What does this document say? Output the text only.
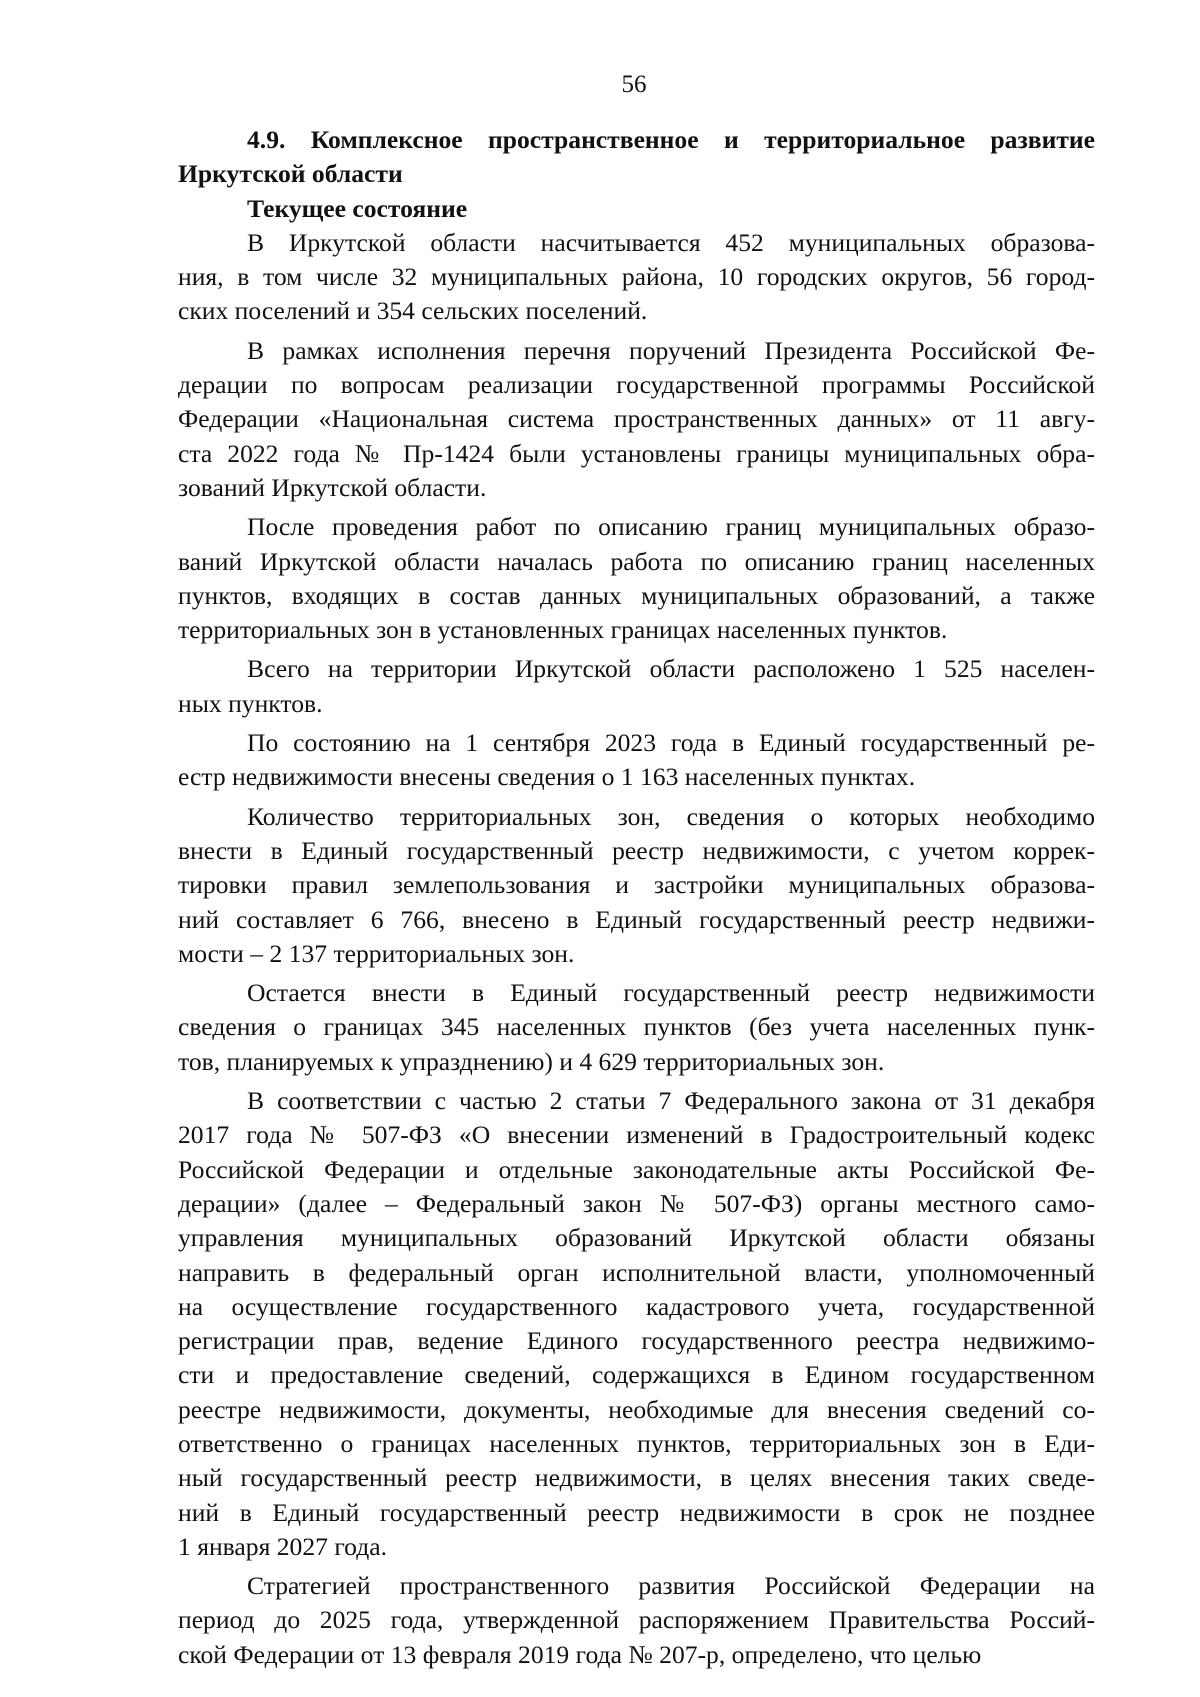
56

4.9. Комплексное пространственное и территориальное развитие
Иркутской области
Текущее состояние
В Иркутской области насчитывается 452 муниципальных образова-
ния, в том числе 32 муниципальных района, 10 городских округов, 56 город-
ских поселений и 354 сельских поселений.
В рамках исполнения перечня поручений Президента Российской Фе-
дерации по вопросам реализации государственной программы Российской
Федерации «Национальная система пространственных данных» от 11 авгу-
ста 2022 года № Пр-1424 были установлены границы муниципальных обра-
зований Иркутской области.
После проведения работ по описанию границ муниципальных образо-
ваний Иркутской области началась работа по описанию границ населенных
пунктов, входящих в состав данных муниципальных образований, а также
территориальных зон в установленных границах населенных пунктов.
Всего на территории Иркутской области расположено 1 525 населен-
ных пунктов.
По состоянию на 1 сентября 2023 года в Единый государственный ре-
естр недвижимости внесены сведения о 1 163 населенных пунктах.
Количество территориальных зон, сведения о которых необходимо
внести в Единый государственный реестр недвижимости, с учетом коррек-
тировки правил землепользования и застройки муниципальных образова-
ний составляет 6 766, внесено в Единый государственный реестр недвижи-
мости – 2 137 территориальных зон.
Остается внести в Единый государственный реестр недвижимости
сведения о границах 345 населенных пунктов (без учета населенных пунк-
тов, планируемых к упразднению) и 4 629 территориальных зон.
В соответствии с частью 2 статьи 7 Федерального закона от 31 декабря
2017 года № 507-ФЗ «О внесении изменений в Градостроительный кодекс
Российской Федерации и отдельные законодательные акты Российской Фе-
дерации» (далее – Федеральный закон № 507-ФЗ) органы местного само-
управления муниципальных образований Иркутской области обязаны
направить в федеральный орган исполнительной власти, уполномоченный
на осуществление государственного кадастрового учета, государственной
регистрации прав, ведение Единого государственного реестра недвижимо-
сти и предоставление сведений, содержащихся в Едином государственном
реестре недвижимости, документы, необходимые для внесения сведений со-
ответственно о границах населенных пунктов, территориальных зон в Еди-
ный государственный реестр недвижимости, в целях внесения таких сведе-
ний в Единый государственный реестр недвижимости в срок не позднее
1 января 2027 года.
Стратегией пространственного развития Российской Федерации на
период до 2025 года, утвержденной распоряжением Правительства Россий-
ской Федерации от 13 февраля 2019 года № 207-р, определено, что целью
